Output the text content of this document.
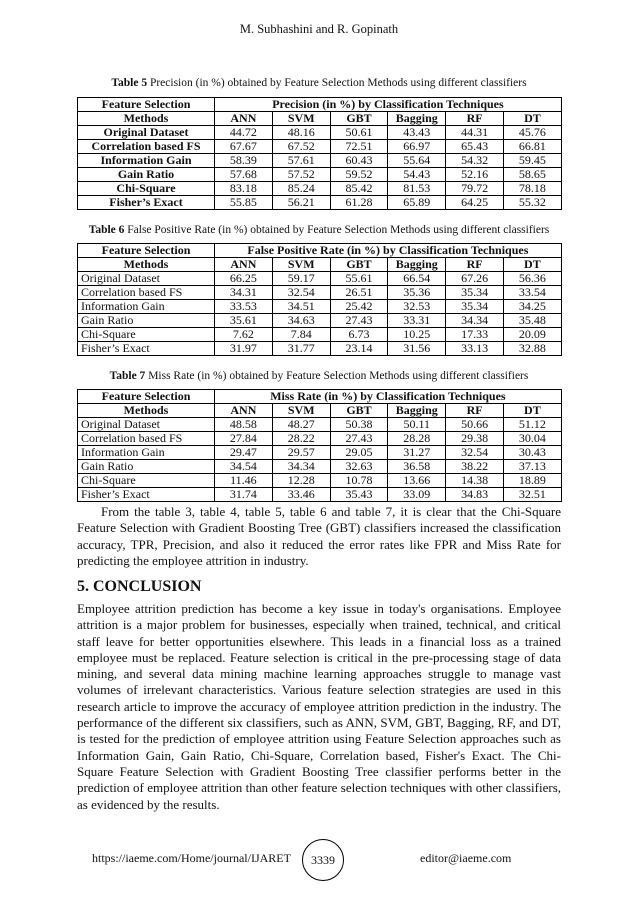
M. Subhashini and R. Gopinath
Table 5 Precision (in %) obtained by Feature Selection Methods using different classifiers
Feature Selection	Precision (in %) by Classification Techniques					
Methods	ANN	SVM	GBT	Bagging	RF	DT
Original Dataset	44.72	48.16	50.61	43.43	44.31	45.76
Correlation based FS	67.67	67.52	72.51	66.97	65.43	66.81
Information Gain	58.39	57.61	60.43	55.64	54.32	59.45
Gain Ratio	57.68	57.52	59.52	54.43	52.16	58.65
Chi-Square	83.18	85.24	85.42	81.53	79.72	78.18
Fisher’s Exact	55.85	56.21	61.28	65.89	64.25	55.32
Table 6 False Positive Rate (in %) obtained by Feature Selection Methods using different classifiers
Feature Selection	False Positive Rate (in %) by Classification Techniques					
Methods	ANN	SVM	GBT	Bagging	RF	DT
Original Dataset	66.25	59.17	55.61	66.54	67.26	56.36
Correlation based FS	34.31	32.54	26.51	35.36	35.34	33.54
Information Gain	33.53	34.51	25.42	32.53	35.34	34.25
Gain Ratio	35.61	34.63	27.43	33.31	34.34	35.48
Chi-Square	7.62	7.84	6.73	10.25	17.33	20.09
Fisher’s Exact	31.97	31.77	23.14	31.56	33.13	32.88
Table 7 Miss Rate (in %) obtained by Feature Selection Methods using different classifiers
Feature Selection	Miss Rate (in %) by Classification Techniques					
Methods	ANN	SVM	GBT	Bagging	RF	DT
Original Dataset	48.58	48.27	50.38	50.11	50.66	51.12
Correlation based FS	27.84	28.22	27.43	28.28	29.38	30.04
Information Gain	29.47	29.57	29.05	31.27	32.54	30.43
Gain Ratio	34.54	34.34	32.63	36.58	38.22	37.13
Chi-Square	11.46	12.28	10.78	13.66	14.38	18.89
Fisher’s Exact	31.74	33.46	35.43	33.09	34.83	32.51
From the table 3, table 4, table 5, table 6 and table 7, it is clear that the Chi-Square Feature Selection with Gradient Boosting Tree (GBT) classifiers increased the classification accuracy, TPR, Precision, and also it reduced the error rates like FPR and Miss Rate for predicting the employee attrition in industry.
5. CONCLUSION
Employee attrition prediction has become a key issue in today's organisations. Employee attrition is a major problem for businesses, especially when trained, technical, and critical staff leave for better opportunities elsewhere. This leads in a financial loss as a trained employee must be replaced. Feature selection is critical in the pre-processing stage of data mining, and several data mining machine learning approaches struggle to manage vast volumes of irrelevant characteristics. Various feature selection strategies are used in this research article to improve the accuracy of employee attrition prediction in the industry. The performance of the different six classifiers, such as ANN, SVM, GBT, Bagging, RF, and DT, is tested for the prediction of employee attrition using Feature Selection approaches such as Information Gain, Gain Ratio, Chi-Square, Correlation based, Fisher's Exact. The Chi-Square Feature Selection with Gradient Boosting Tree classifier performs better in the prediction of employee attrition than other feature selection techniques with other classifiers, as evidenced by the results.
https://iaeme.com/Home/journal/IJARET	3339	editor@iaeme.com
